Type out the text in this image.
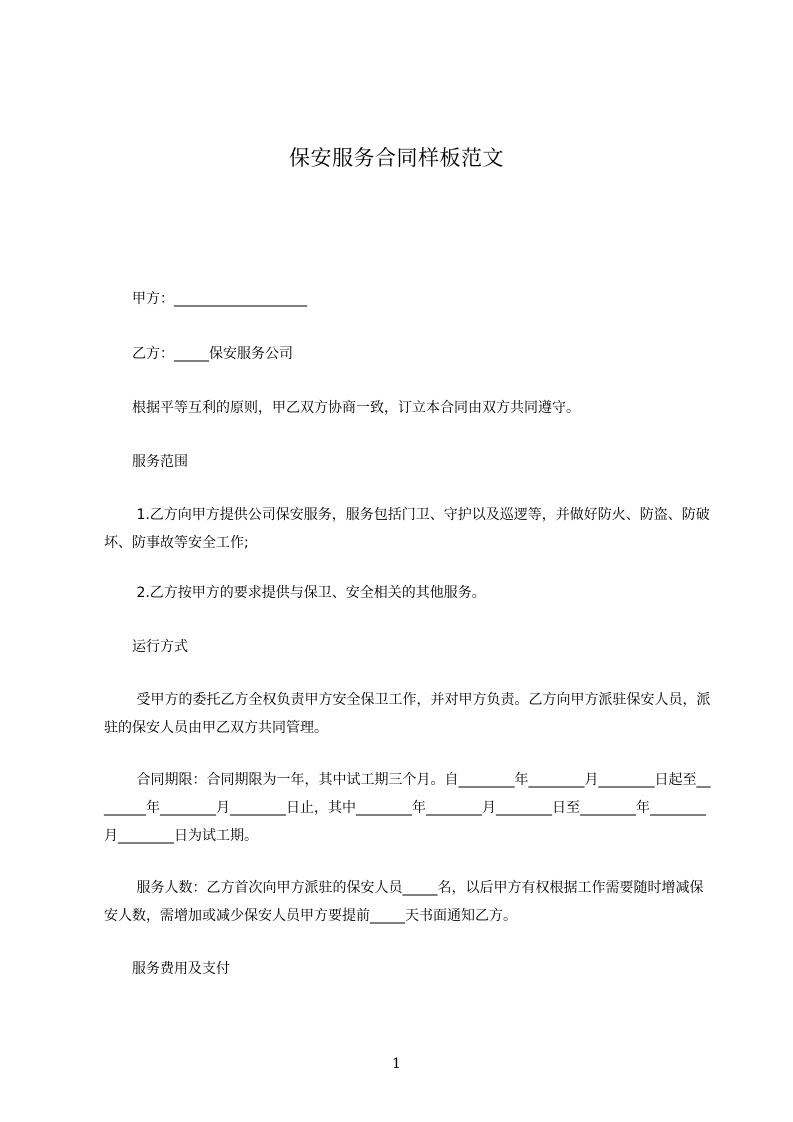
保安服务合同样板范文
　　甲方：___________________
　　乙方：_____保安服务公司
　　根据平等互利的原则，甲乙双方协商一致，订立本合同由双方共同遵守。
　　服务范围
　　 1.乙方向甲方提供公司保安服务，服务包括门卫、守护以及巡逻等，并做好防火、防盗、防破坏、防事故等安全工作;
　　 2.乙方按甲方的要求提供与保卫、安全相关的其他服务。
　　运行方式
　　 受甲方的委托乙方全权负责甲方安全保卫工作，并对甲方负责。乙方向甲方派驻保安人员，派驻的保安人员由甲乙双方共同管理。
　　 合同期限：合同期限为一年，其中试工期三个月。自________年________月________日起至________年________月________日止，其中________年________月________日至________年________月________日为试工期。
　　 服务人数：乙方首次向甲方派驻的保安人员_____名，以后甲方有权根据工作需要随时增减保安人数，需增加或减少保安人员甲方要提前_____天书面通知乙方。
　　服务费用及支付
1
